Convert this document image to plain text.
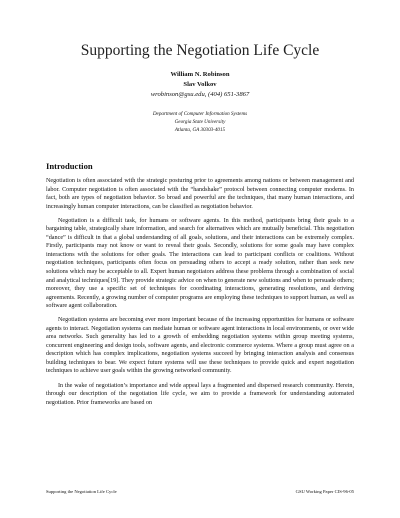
Supporting the Negotiation Life Cycle
William N. Robinson
Slav Volkov
wrobinson@gsu.edu, (404) 651-3867
Department of Computer Information Systems
Georgia State University
Atlanta, GA 30303-4015
Introduction

Negotiation is often associated with the strategic posturing prior to agreements among nations or between management and labor. Computer negotiation is often associated with the “handshake” protocol between connecting computer modems. In fact, both are types of negotiation behavior. So broad and powerful are the techniques, that many human interactions, and increasingly human computer interactions, can be classified as negotiation behavior.

Negotiation is a difficult task, for humans or software agents. In this method, participants bring their goals to a bargaining table, strategically share information, and search for alternatives which are mutually beneficial. This negotiation “dance” is difficult in that a global understanding of all goals, solutions, and their interactions can be extremely complex. Firstly, participants may not know or want to reveal their goals. Secondly, solutions for some goals may have complex interactions with the solutions for other goals. The interactions can lead to participant conflicts or coalitions. Without negotiation techniques, participants often focus on persuading others to accept a ready solution, rather than seek new solutions which may be acceptable to all. Expert human negotiators address these problems through a combination of social and analytical techniques[19]. They provide strategic advice on when to generate new solutions and when to persuade others; moreover, they use a specific set of techniques for coordinating interactions, generating resolutions, and deriving agreements. Recently, a growing number of computer programs are employing these techniques to support human, as well as software agent collaboration.

Negotiation systems are becoming ever more important because of the increasing opportunities for humans or software agents to interact. Negotiation systems can mediate human or software agent interactions in local environments, or over wide area networks. Such generality has led to a growth of embedding negotiation systems within group meeting systems, concurrent engineering and design tools, software agents, and electronic commerce systems. Where a group must agree on a description which has complex implications, negotiation systems succeed by bringing interaction analysis and consensus building techniques to bear. We expect future systems will use these techniques to provide quick and expert negotiation techniques to achieve user goals within the growing networked community.

In the wake of negotiation’s importance and wide appeal lays a fragmented and dispersed research community. Herein, through our description of the negotiation life cycle, we aim to provide a framework for understanding automated negotiation. Prior frameworks are based on

Supporting the Negotiation Life Cycle	GSU Working Paper CIS-96-05
